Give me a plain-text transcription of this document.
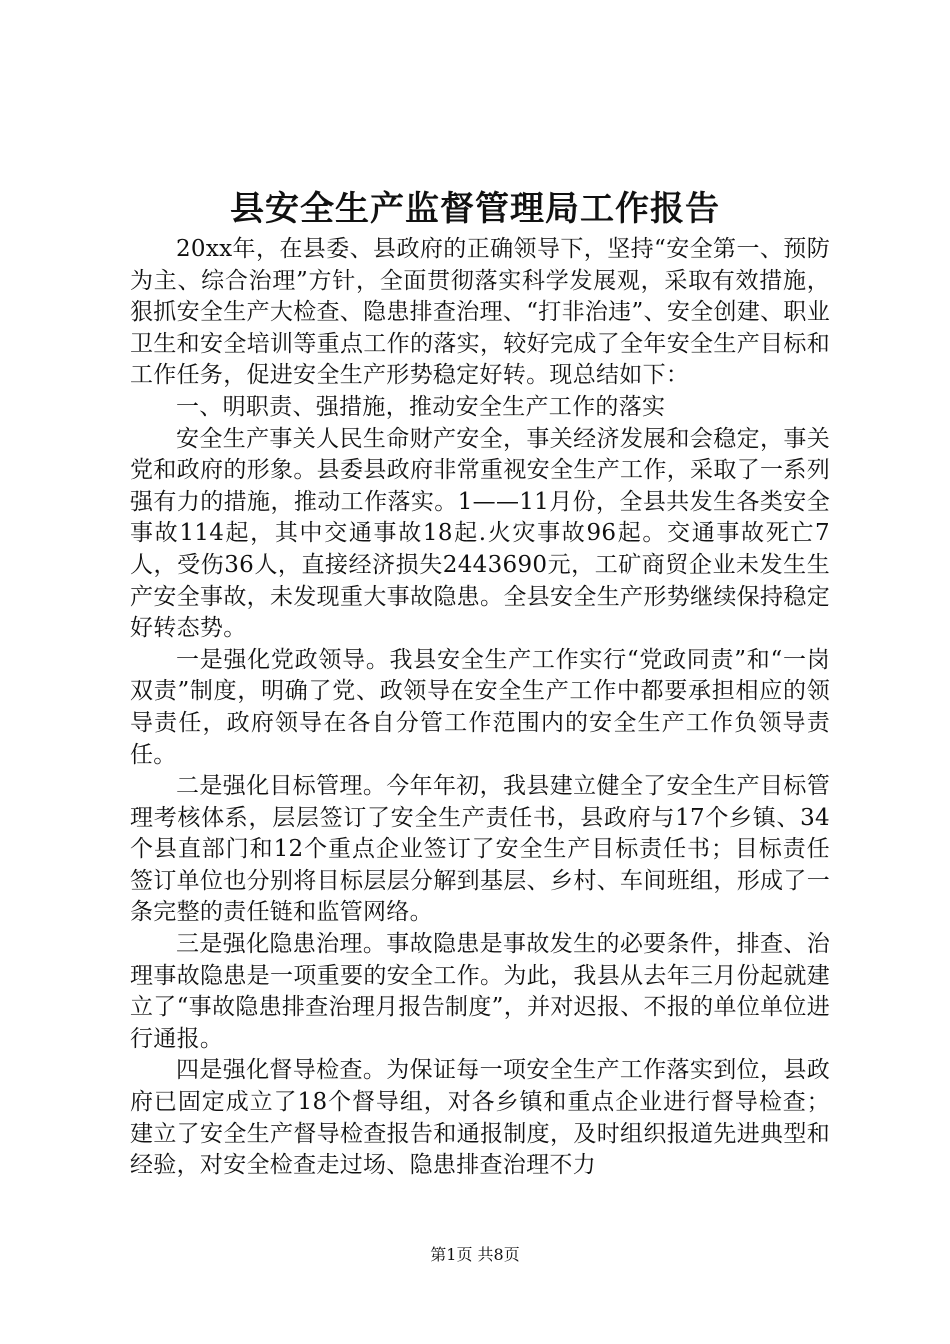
县安全生产监督管理局工作报告

20xx年，在县委、县政府的正确领导下，坚持“安全第一、预防为主、综合治理”方针，全面贯彻落实科学发展观，采取有效措施，狠抓安全生产大检查、隐患排查治理、“打非治违”、安全创建、职业卫生和安全培训等重点工作的落实，较好完成了全年安全生产目标和工作任务，促进安全生产形势稳定好转。现总结如下：

一、明职责、强措施，推动安全生产工作的落实

安全生产事关人民生命财产安全，事关经济发展和会稳定，事关党和政府的形象。县委县政府非常重视安全生产工作，采取了一系列强有力的措施，推动工作落实。1——11月份，全县共发生各类安全事故114起，其中交通事故18起.火灾事故96起。交通事故死亡7人，受伤36人，直接经济损失2443690元，工矿商贸企业未发生生产安全事故，未发现重大事故隐患。全县安全生产形势继续保持稳定好转态势。

一是强化党政领导。我县安全生产工作实行“党政同责”和“一岗双责”制度，明确了党、政领导在安全生产工作中都要承担相应的领导责任，政府领导在各自分管工作范围内的安全生产工作负领导责任。

二是强化目标管理。今年年初，我县建立健全了安全生产目标管理考核体系，层层签订了安全生产责任书，县政府与17个乡镇、34个县直部门和12个重点企业签订了安全生产目标责任书；目标责任签订单位也分别将目标层层分解到基层、乡村、车间班组，形成了一条完整的责任链和监管网络。

三是强化隐患治理。事故隐患是事故发生的必要条件，排查、治理事故隐患是一项重要的安全工作。为此，我县从去年三月份起就建立了“事故隐患排查治理月报告制度”，并对迟报、不报的单位单位进行通报。

四是强化督导检查。为保证每一项安全生产工作落实到位，县政府已固定成立了18个督导组，对各乡镇和重点企业进行督导检查；建立了安全生产督导检查报告和通报制度，及时组织报道先进典型和经验，对安全检查走过场、隐患排查治理不力

第1页 共8页
